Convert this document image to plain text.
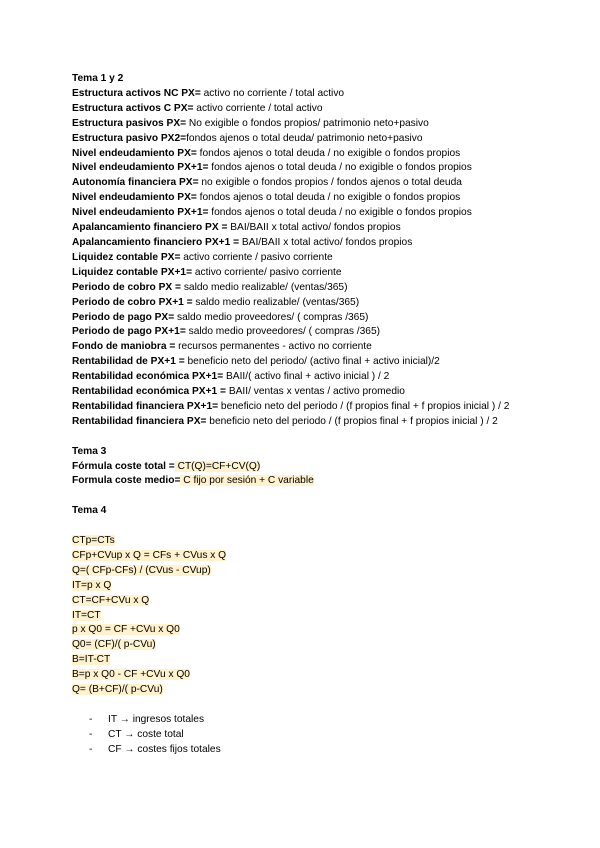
Tema 1 y 2
Estructura activos NC PX= activo no corriente / total activo
Estructura activos C PX= activo corriente / total activo
Estructura pasivos PX= No exigible o fondos propios/ patrimonio neto+pasivo
Estructura pasivo PX2=fondos ajenos o total deuda/ patrimonio neto+pasivo
Nivel endeudamiento PX= fondos ajenos o total deuda / no exigible o fondos propios
Nivel endeudamiento PX+1= fondos ajenos o total deuda / no exigible o fondos propios
Autonomía financiera PX= no exigible o fondos propios / fondos ajenos o total deuda
Nivel endeudamiento PX= fondos ajenos o total deuda / no exigible o fondos propios
Nivel endeudamiento PX+1= fondos ajenos o total deuda / no exigible o fondos propios
Apalancamiento financiero PX = BAI/BAII x total activo/ fondos propios
Apalancamiento financiero PX+1 = BAI/BAII x total activo/ fondos propios
Liquidez contable PX= activo corriente / pasivo corriente
Liquidez contable PX+1= activo corriente/ pasivo corriente
Periodo de cobro PX = saldo medio realizable/ (ventas/365)
Periodo de cobro PX+1 = saldo medio realizable/ (ventas/365)
Periodo de pago PX= saldo medio proveedores/ ( compras /365)
Periodo de pago PX+1= saldo medio proveedores/ ( compras /365)
Fondo de maniobra = recursos permanentes - activo no corriente
Rentabilidad de PX+1 = beneficio neto del periodo/ (activo final + activo inicial)/2
Rentabilidad económica PX+1= BAII/( activo final + activo inicial ) / 2
Rentabilidad económica PX+1 = BAII/ ventas x ventas / activo promedio
Rentabilidad financiera PX+1= beneficio neto del periodo / (f propios final + f propios inicial ) / 2
Rentabilidad financiera PX= beneficio neto del periodo / (f propios final + f propios inicial ) / 2
Tema 3
Fórmula coste total = CT(Q)=CF+CV(Q)
Formula coste medio= C fijo por sesión + C variable
Tema 4
CTp=CTs
CFp+CVup x Q = CFs + CVus x Q
Q=( CFp-CFs) / (CVus - CVup)
IT=p x Q
CT=CF+CVu x Q
IT=CT
p x Q0 = CF +CVu x Q0
Q0= (CF)/( p-CVu)
B=IT-CT
B=p x Q0 - CF +CVu x Q0
Q= (B+CF)/( p-CVu)
- IT → ingresos totales
- CT → coste total
- CF → costes fijos totales
